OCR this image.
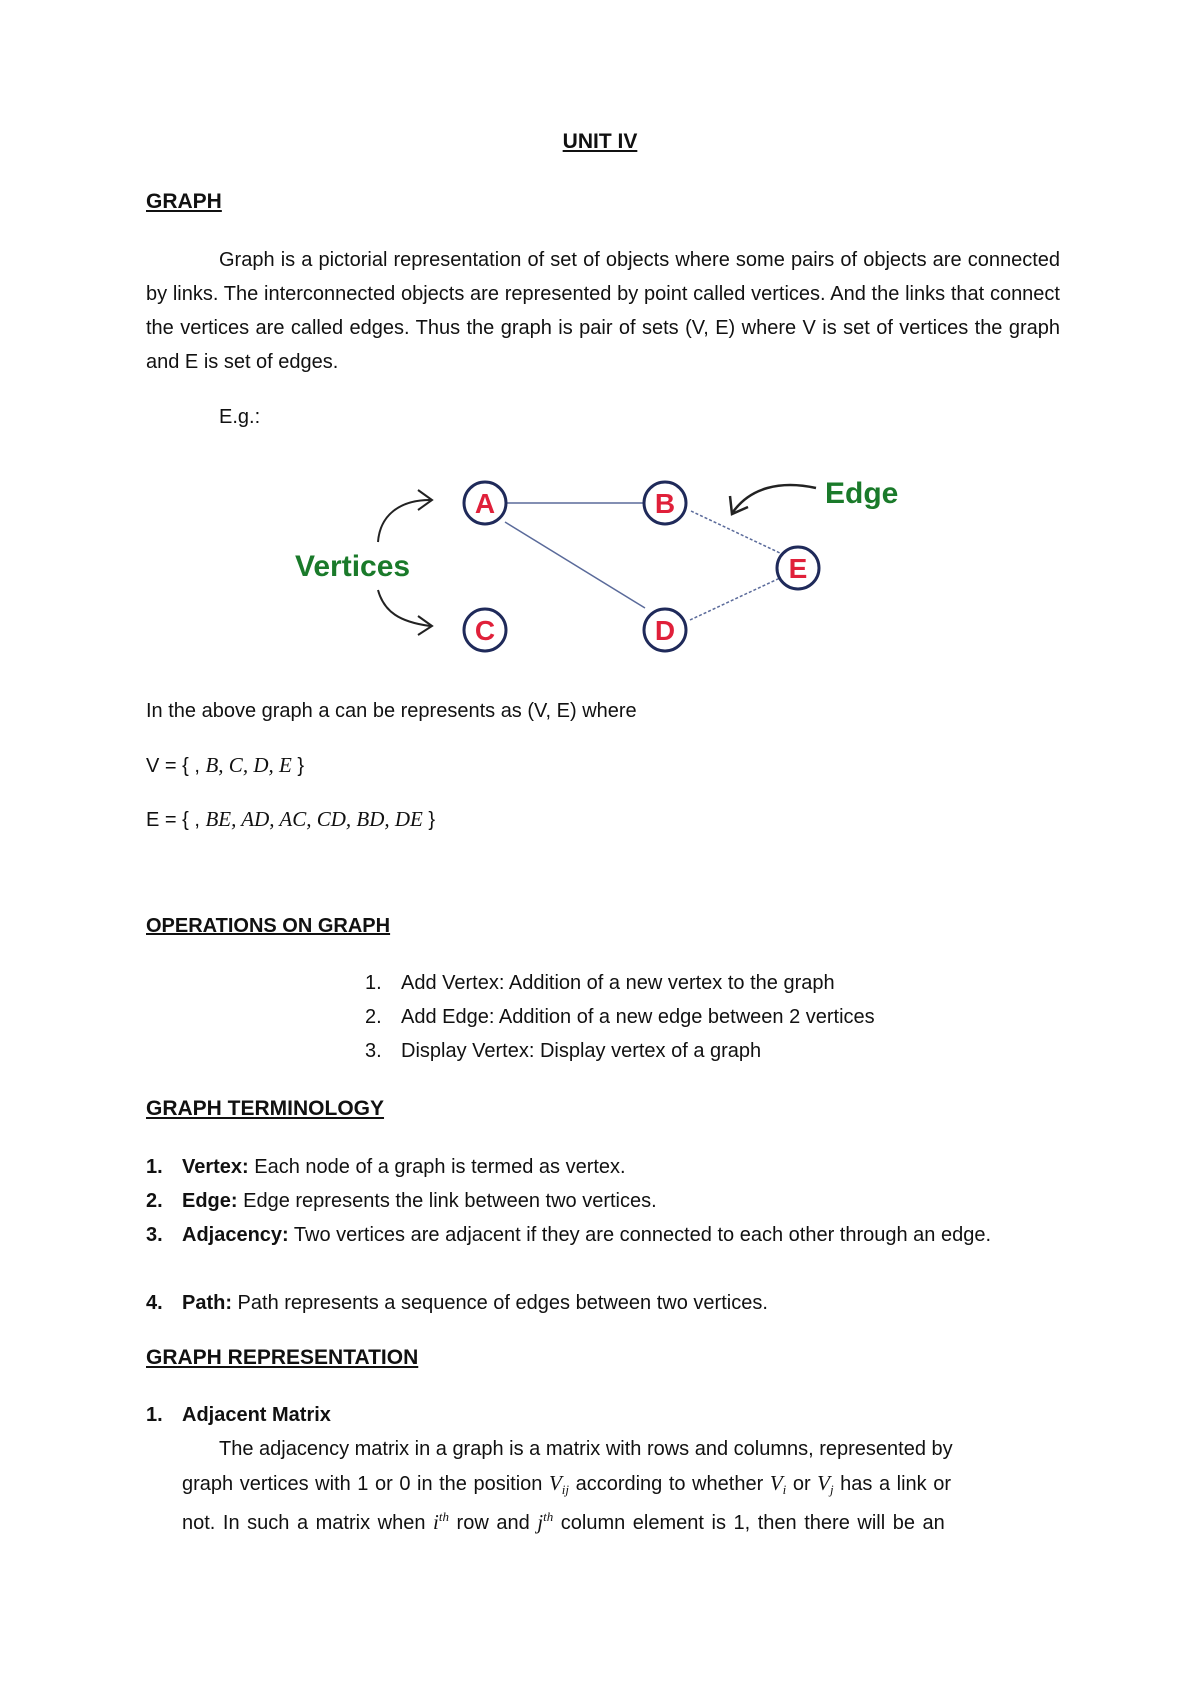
UNIT IV
GRAPH

Graph is a pictorial representation of set of objects where some pairs of objects are connected by links. The interconnected objects are represented by point called vertices. And the links that connect the vertices are called edges. Thus the graph is pair of sets (V, E) where V is set of vertices the graph and E is set of edges.

E.g.:
A	B
C	D
E
Vertices
Edge
In the above graph a can be represents as (V, E) where
V = { , B, C, D, E }
E = { , BE, AD, AC, CD, BD, DE }
OPERATIONS ON GRAPH
1. Add Vertex: Addition of a new vertex to the graph
2. Add Edge: Addition of a new edge between 2 vertices
3. Display Vertex: Display vertex of a graph
GRAPH TERMINOLOGY
1. Vertex: Each node of a graph is termed as vertex.
2. Edge: Edge represents the link between two vertices.
3. Adjacency: Two vertices are adjacent if they are connected to each other through an edge.
4. Path: Path represents a sequence of edges between two vertices.
GRAPH REPRESENTATION
1. Adjacent Matrix
The adjacency matrix in a graph is a matrix with rows and columns, represented by
graph vertices with 1 or 0 in the position $V_{ij}$ according to whether $V_i$ or $V_j$ has a link or
not. In such a matrix when $i^{th}$ row and $j^{th}$ column element is 1, then there will be an
